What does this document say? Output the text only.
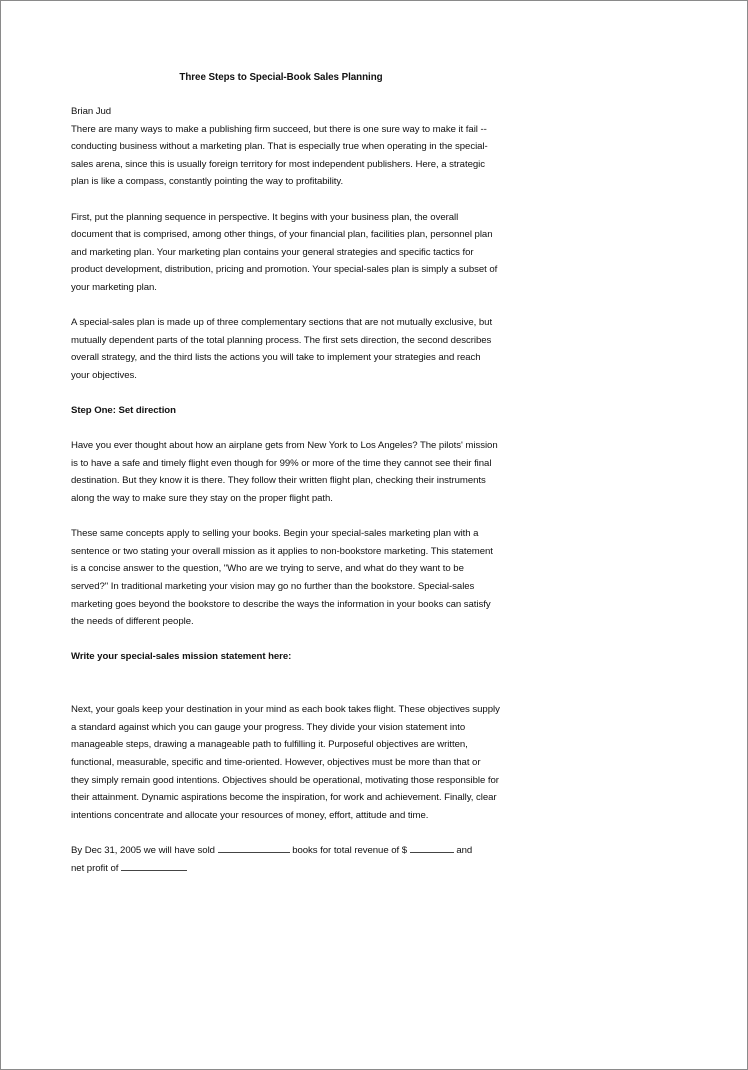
Three Steps to Special-Book Sales Planning

Brian Jud

There are many ways to make a publishing firm succeed, but there is one sure way to make it fail -- conducting business without a marketing plan. That is especially true when operating in the special-sales arena, since this is usually foreign territory for most independent publishers. Here, a strategic plan is like a compass, constantly pointing the way to profitability.

First, put the planning sequence in perspective. It begins with your business plan, the overall document that is comprised, among other things, of your financial plan, facilities plan, personnel plan and marketing plan. Your marketing plan contains your general strategies and specific tactics for product development, distribution, pricing and promotion. Your special-sales plan is simply a subset of your marketing plan.

A special-sales plan is made up of three complementary sections that are not mutually exclusive, but mutually dependent parts of the total planning process. The first sets direction, the second describes overall strategy, and the third lists the actions you will take to implement your strategies and reach your objectives.

Step One: Set direction

Have you ever thought about how an airplane gets from New York to Los Angeles? The pilots' mission is to have a safe and timely flight even though for 99% or more of the time they cannot see their final destination. But they know it is there. They follow their written flight plan, checking their instruments along the way to make sure they stay on the proper flight path.

These same concepts apply to selling your books. Begin your special-sales marketing plan with a sentence or two stating your overall mission as it applies to non-bookstore marketing. This statement is a concise answer to the question, "Who are we trying to serve, and what do they want to be served?" In traditional marketing your vision may go no further than the bookstore. Special-sales marketing goes beyond the bookstore to describe the ways the information in your books can satisfy the needs of different people.

Write your special-sales mission statement here:

Next, your goals keep your destination in your mind as each book takes flight. These objectives supply a standard against which you can gauge your progress. They divide your vision statement into manageable steps, drawing a manageable path to fulfilling it. Purposeful objectives are written, functional, measurable, specific and time-oriented. However, objectives must be more than that or they simply remain good intentions. Objectives should be operational, motivating those responsible for their attainment. Dynamic aspirations become the inspiration, for work and achievement. Finally, clear intentions concentrate and allocate your resources of money, effort, attitude and time.

By Dec 31, 2005 we will have sold	books for total revenue of $	and
net profit of
